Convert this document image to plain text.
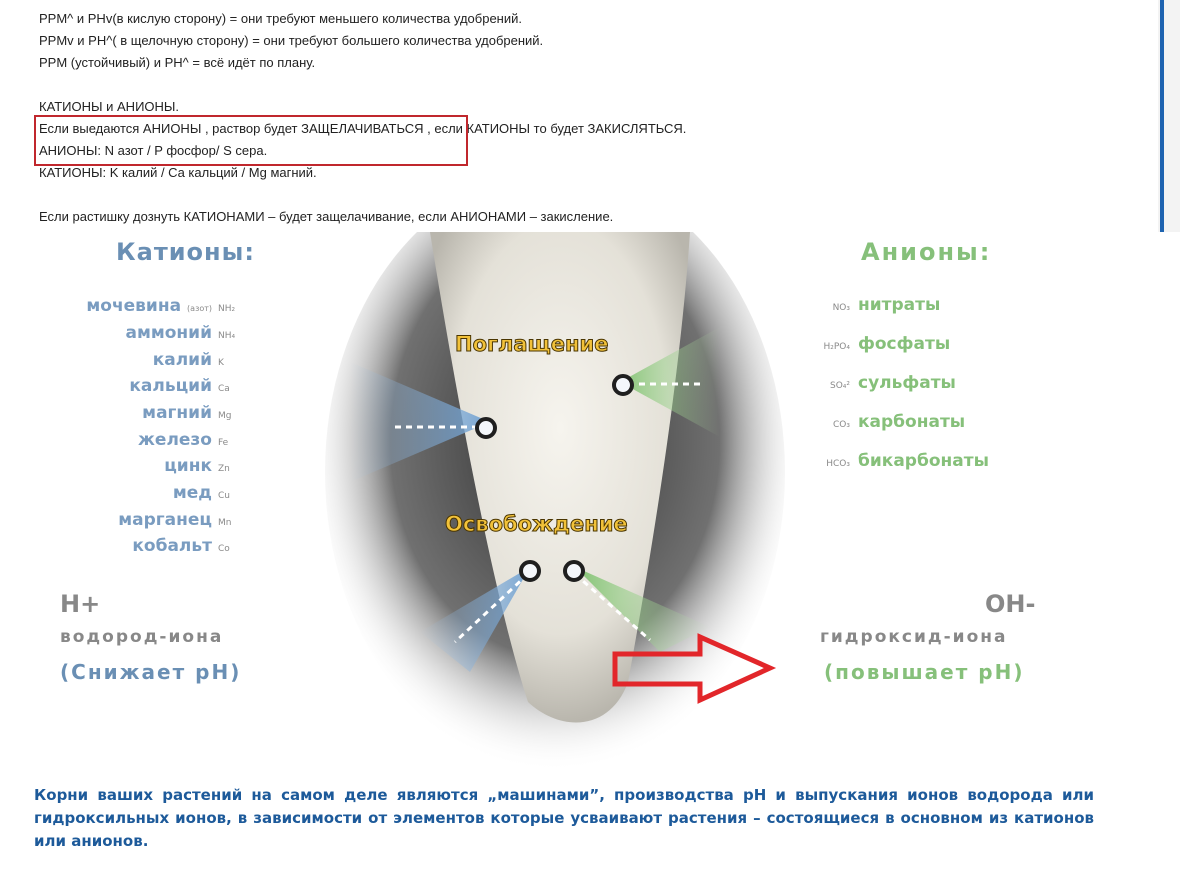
PPM^ и PHv(в кислую сторону) = они требуют меньшего количества удобрений.
PPMv и PH^( в щелочную сторону) = они требуют большего количества удобрений.
PPM (устойчивый) и PH^ = всё идёт по плану.
КАТИОНЫ и АНИОНЫ.
Если выедаются АНИОНЫ , раствор будет ЗАЩЕЛАЧИВАТЬСЯ , если КАТИОНЫ то будет ЗАКИСЛЯТЬСЯ.
АНИОНЫ: N азот / P фосфор/ S сера.
КАТИОНЫ: K калий / Ca кальций / Mg магний.
Если растишку дознуть КАТИОНАМИ – будет защелачивание, если АНИОНАМИ – закисление.
Катионы:	Анионы:
мочевина (азот) NH₂
аммоний NH₄
калий K
кальций Ca
магний Mg
железо Fe
цинк Zn
мед Cu
марганец Mn
кобальт Co
NO₃ нитраты
H₂PO₄ фосфаты
SO₄² сульфаты
CO₃ карбонаты
HCO₃ бикарбонаты
Поглащение
Освобождение
H+
водород-иона
(Снижает pH)
OH-
гидроксид-иона
(повышает pH)
Корни ваших растений на самом деле являются „машинами”, производства pH и выпускания ионов водорода или гидроксильных ионов, в зависимости от элементов которые усваивают растения – состоящиеся в основном из катионов или анионов.
